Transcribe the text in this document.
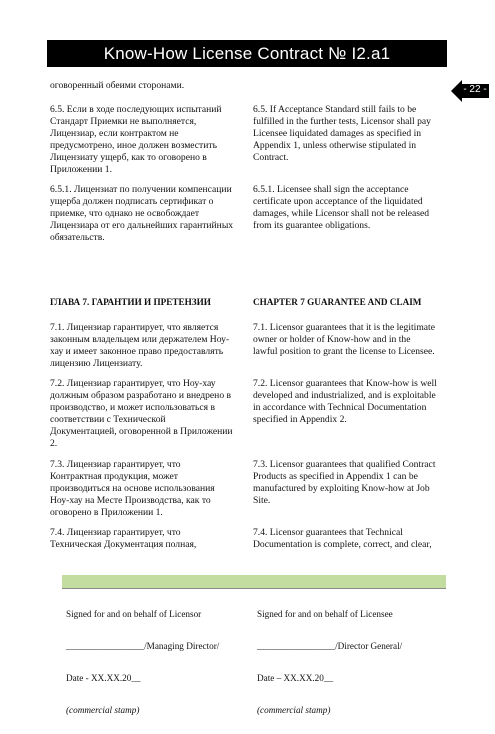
Know-How License Contract № I2.a1
- 22 -

оговоренный обеими сторонами.

6.5. Если в ходе последующих испытаний
Стандарт Приемки не выполняется,
Лицензиар, если контрактом не
предусмотрено, иное должен возместить
Лицензиату ущерб, как то оговорено в
Приложении 1.

6.5. If Acceptance Standard still fails to be
fulfilled in the further tests, Licensor shall pay
Licensee liquidated damages as specified in
Appendix 1, unless otherwise stipulated in
Contract.

6.5.1. Лицензиат по получении компенсации
ущерба должен подписать сертификат о
приемке, что однако не освобождает
Лицензиара от его дальнейших гарантийных
обязательств.

6.5.1. Licensee shall sign the acceptance
certificate upon acceptance of the liquidated
damages, while Licensor shall not be released
from its guarantee obligations.

ГЛАВА 7. ГАРАНТИИ И ПРЕТЕНЗИИ	CHAPTER 7 GUARANTEE AND CLAIM

7.1. Лицензиар гарантирует, что является
законным владельцем или держателем Ноу-
хау и имеет законное право предоставлять
лицензию Лицензиату.

7.1. Licensor guarantees that it is the legitimate
owner or holder of Know-how and in the
lawful position to grant the license to Licensee.

7.2. Лицензиар гарантирует, что Ноу-хау
должным образом разработано и внедрено в
производство, и может использоваться в
соответствии с Технической
Документацией, оговоренной в Приложении
2.

7.2. Licensor guarantees that Know-how is well
developed and industrialized, and is exploitable
in accordance with Technical Documentation
specified in Appendix 2.

7.3. Лицензиар гарантирует, что
Контрактная продукция, может
производиться на основе использования
Ноу-хау на Месте Производства, как то
оговорено в Приложении 1.

7.3. Licensor guarantees that qualified Contract
Products as specified in Appendix 1 can be
manufactured by exploiting Know-how at Job
Site.

7.4. Лицензиар гарантирует, что
Техническая Документация полная,

7.4. Licensor guarantees that Technical
Documentation is complete, correct, and clear,

Signed for and on behalf of Licensor

_________________/Managing Director/

Date - XX.XX.20__

(commercial stamp)

Signed for and on behalf of Licensee

_________________/Director General/

Date – XX.XX.20__

(commercial stamp)
